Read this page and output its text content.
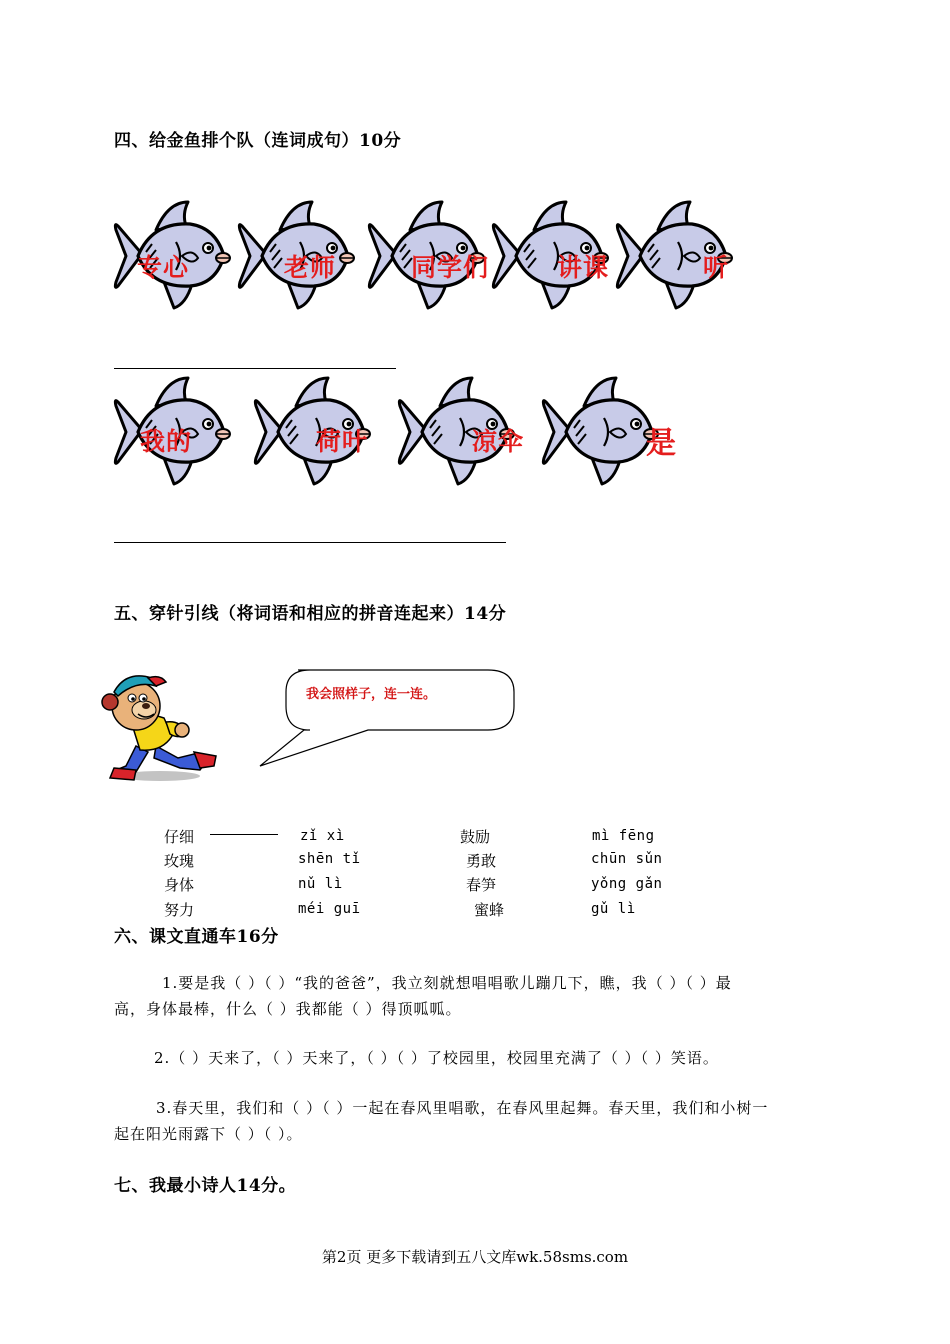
四、给金鱼排个队（连词成句）10分
专心	老师	同学们	讲课	听
我的	荷叶	凉伞	是
五、穿针引线（将词语和相应的拼音连起来）14分
我会照样子，连一连。
仔细
玫瑰
身体
努力
zǐ xì
shēn tǐ
nǔ lì
méi guī
鼓励
勇敢
春笋
蜜蜂
mì fēng
chūn sǔn
yǒng gǎn
gǔ lì
六、课文直通车16分
1.要是我（ ）（ ）“我的爸爸”，我立刻就想唱唱歌儿蹦几下，瞧，我（ ）（ ）最
高，身体最棒，什么（ ）我都能（ ）得顶呱呱。
2.（ ）天来了，（ ）天来了，（ ）（ ）了校园里，校园里充满了（ ）（ ）笑语。
3.春天里，我们和（ ）（ ）一起在春风里唱歌，在春风里起舞。春天里，我们和小树一
起在阳光雨露下（ ）（ ）。
七、我最小诗人14分。
第2页 更多下载请到五八文库wk.58sms.com
